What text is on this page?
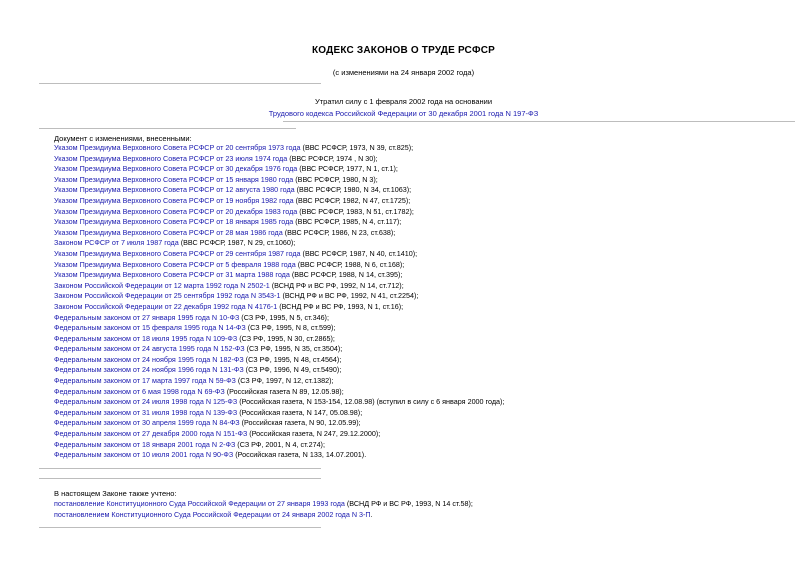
КОДЕКС ЗАКОНОВ О ТРУДЕ РСФСР
(с изменениями на 24 января 2002 года)
Утратил силу с 1 февраля 2002 года на основании
Трудового кодекса Российской Федерации от 30 декабря 2001 года N 197-ФЗ
Документ с изменениями, внесенными:
Указом Президиума Верховного Совета РСФСР от 20 сентября 1973 года (ВВС РСФСР, 1973, N 39, ст.825);
Указом Президиума Верховного Совета РСФСР от 23 июля 1974 года (ВВС РСФСР, 1974 , N 30);
Указом Президиума Верховного Совета РСФСР от 30 декабря 1976 года (ВВС РСФСР, 1977, N 1, ст.1);
Указом Президиума Верховного Совета РСФСР от 15 января 1980 года (ВВС РСФСР, 1980, N 3);
Указом Президиума Верховного Совета РСФСР от 12 августа 1980 года (ВВС РСФСР, 1980, N 34, ст.1063);
Указом Президиума Верховного Совета РСФСР от 19 ноября 1982 года (ВВС РСФСР, 1982, N 47, ст.1725);
Указом Президиума Верховного Совета РСФСР от 20 декабря 1983 года (ВВС РСФСР, 1983, N 51, ст.1782);
Указом Президиума Верховного Совета РСФСР от 18 января 1985 года (ВВС РСФСР, 1985, N 4, ст.117);
Указом Президиума Верховного Совета РСФСР от 28 мая 1986 года (ВВС РСФСР, 1986, N 23, ст.638);
Законом РСФСР от 7 июля 1987 года (ВВС РСФСР, 1987, N 29, ст.1060);
Указом Президиума Верховного Совета РСФСР от 29 сентября 1987 года (ВВС РСФСР, 1987, N 40, ст.1410);
Указом Президиума Верховного Совета РСФСР от 5 февраля 1988 года (ВВС РСФСР, 1988, N 6, ст.168);
Указом Президиума Верховного Совета РСФСР от 31 марта 1988 года (ВВС РСФСР, 1988, N 14, ст.395);
Законом Российской Федерации от 12 марта 1992 года N 2502-1 (ВСНД РФ и ВС РФ, 1992, N 14, ст.712);
Законом Российской Федерации от 25 сентября 1992 года N 3543-1 (ВСНД РФ и ВС РФ, 1992, N 41, ст.2254);
Законом Российской Федерации от 22 декабря 1992 года N 4176-1 (ВСНД РФ и ВС РФ, 1993, N 1, ст.16);
Федеральным законом от 27 января 1995 года N 10-ФЗ (СЗ РФ, 1995, N 5, ст.346);
Федеральным законом от 15 февраля 1995 года N 14-ФЗ (СЗ РФ, 1995, N 8, ст.599);
Федеральным законом от 18 июля 1995 года N 109-ФЗ (СЗ РФ, 1995, N 30, ст.2865);
Федеральным законом от 24 августа 1995 года N 152-ФЗ (СЗ РФ, 1995, N 35, ст.3504);
Федеральным законом от 24 ноября 1995 года N 182-ФЗ (СЗ РФ, 1995, N 48, ст.4564);
Федеральным законом от 24 ноября 1996 года N 131-ФЗ (СЗ РФ, 1996, N 49, ст.5490);
Федеральным законом от 17 марта 1997 года N 59-ФЗ (СЗ РФ, 1997, N 12, ст.1382);
Федеральным законом от 6 мая 1998 года N 69-ФЗ (Российская газета N 89, 12.05.98);
Федеральным законом от 24 июля 1998 года N 125-ФЗ (Российская газета, N 153-154, 12.08.98) (вступил в силу с 6 января 2000 года);
Федеральным законом от 31 июля 1998 года N 139-ФЗ (Российская газета, N 147, 05.08.98);
Федеральным законом от 30 апреля 1999 года N 84-ФЗ (Российская газета, N 90, 12.05.99);
Федеральным законом от 27 декабря 2000 года N 151-ФЗ (Российская газета, N 247, 29.12.2000);
Федеральным законом от 18 января 2001 года N 2-ФЗ (СЗ РФ, 2001, N 4, ст.274);
Федеральным законом от 10 июля 2001 года N 90-ФЗ (Российская газета, N 133, 14.07.2001).
В настоящем Законе также учтено:
постановление Конституционного Суда Российской Федерации от 27 января 1993 года (ВСНД РФ и ВС РФ, 1993, N 14 ст.58);
постановлением Конституционного Суда Российской Федерации от 24 января 2002 года N 3-П.
